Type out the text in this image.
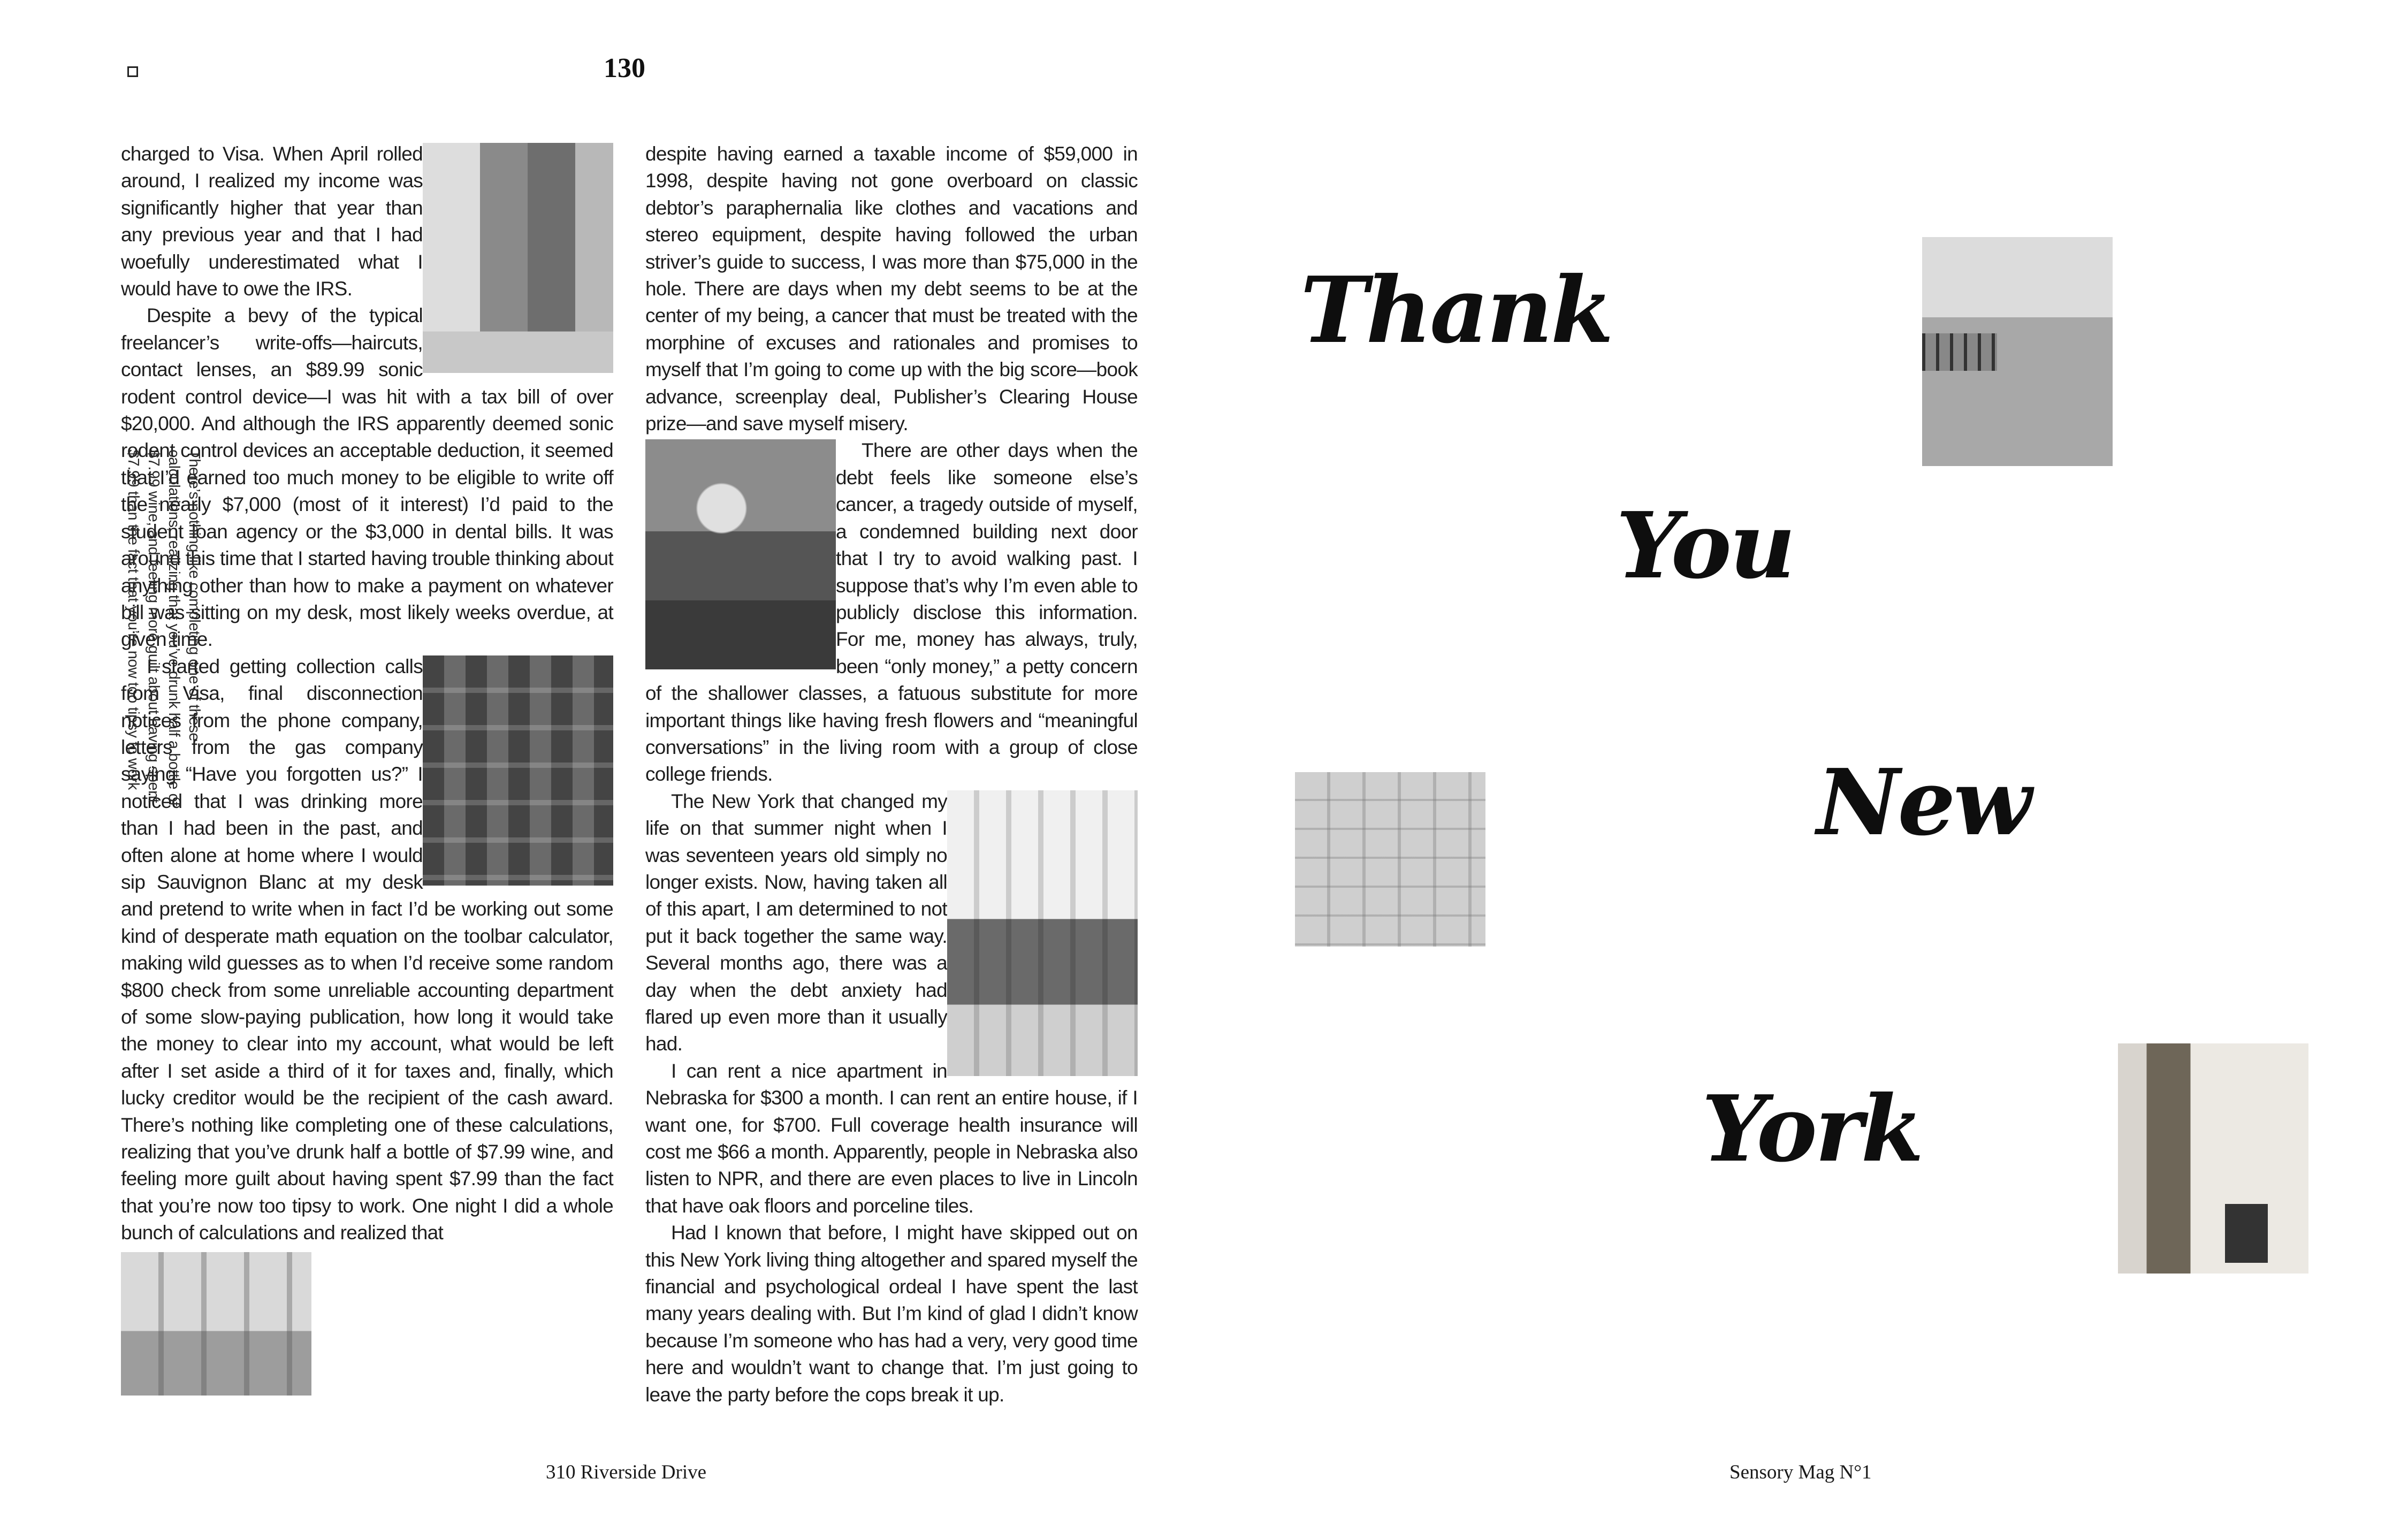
130

charged to Visa. When April rolled around, I realized my income was significantly higher that year than any previous year and that I had woefully underestimated what I would have to owe the IRS.

Despite a bevy of the typical freelancer’s write-offs—haircuts, contact lenses, an $89.99 sonic rodent control device—I was hit with a tax bill of over $20,000. And although the IRS apparently deemed sonic rodent control devices an acceptable deduction, it seemed that I’d earned too much money to be eligible to write off the nearly $7,000 (most of it interest) I’d paid to the student loan agency or the $3,000 in dental bills. It was around this time that I started having trouble thinking about anything other than how to make a payment on whatever bill was sitting on my desk, most likely weeks overdue, at given time.

I started getting collection calls from Visa, final disconnection notices from the phone company, letters from the gas company saying “Have you forgotten us?” I noticed that I was drinking more than I had been in the past, and often alone at home where I would sip Sauvignon Blanc at my desk and pretend to write when in fact I’d be working out some kind of desperate math equation on the toolbar calculator, making wild guesses as to when I’d receive some random $800 check from some unreliable accounting department of some slow-paying publication, how long it would take the money to clear into my account, what would be left after I set aside a third of it for taxes and, finally, which lucky creditor would be the recipient of the cash award. There’s nothing like completing one of these calculations, realizing that you’ve drunk half a bottle of $7.99 wine, and feeling more guilt about having spent $7.99 than the fact that you’re now too tipsy to work. One night I did a whole bunch of calculations and realized that

There’s nothing like completing one of these calculations, realizing that you’ve drunk half a bottle of $7.99 wine, and feeling more guilt about having spent $7.99 than the fact that you’re now too tipsy to work

despite having earned a taxable income of $59,000 in 1998, despite having not gone overboard on classic debtor’s paraphernalia like clothes and vacations and stereo equipment, despite having followed the urban striver’s guide to success, I was more than $75,000 in the hole. There are days when my debt seems to be at the center of my being, a cancer that must be treated with the morphine of excuses and rationales and promises to myself that I’m going to come up with the big score—book advance, screenplay deal, Publisher’s Clearing House prize—and save myself misery.

There are other days when the debt feels like someone else’s cancer, a tragedy outside of myself, a condemned building next door that I try to avoid walking past. I suppose that’s why I’m even able to publicly disclose this information. For me, money has always, truly, been “only money,” a petty concern of the shallower classes, a fatuous substitute for more important things like having fresh flowers and “meaningful conversations” in the living room with a group of close college friends.

The New York that changed my life on that summer night when I was seventeen years old simply no longer exists. Now, having taken all of this apart, I am determined to not put it back together the same way. Several months ago, there was a day when the debt anxiety had flared up even more than it usually had.

I can rent a nice apartment in Nebraska for $300 a month. I can rent an entire house, if I want one, for $700. Full coverage health insurance will cost me $66 a month. Apparently, people in Nebraska also listen to NPR, and there are even places to live in Lincoln that have oak floors and porceline tiles.

Had I known that before, I might have skipped out on this New York living thing altogether and spared myself the financial and psychological ordeal I have spent the last many years dealing with. But I’m kind of glad I didn’t know because I’m someone who has had a very, very good time here and wouldn’t want to change that. I’m just going to leave the party before the cops break it up.

Thank
You
New
York
310 Riverside Drive	Sensory Mag N°1
